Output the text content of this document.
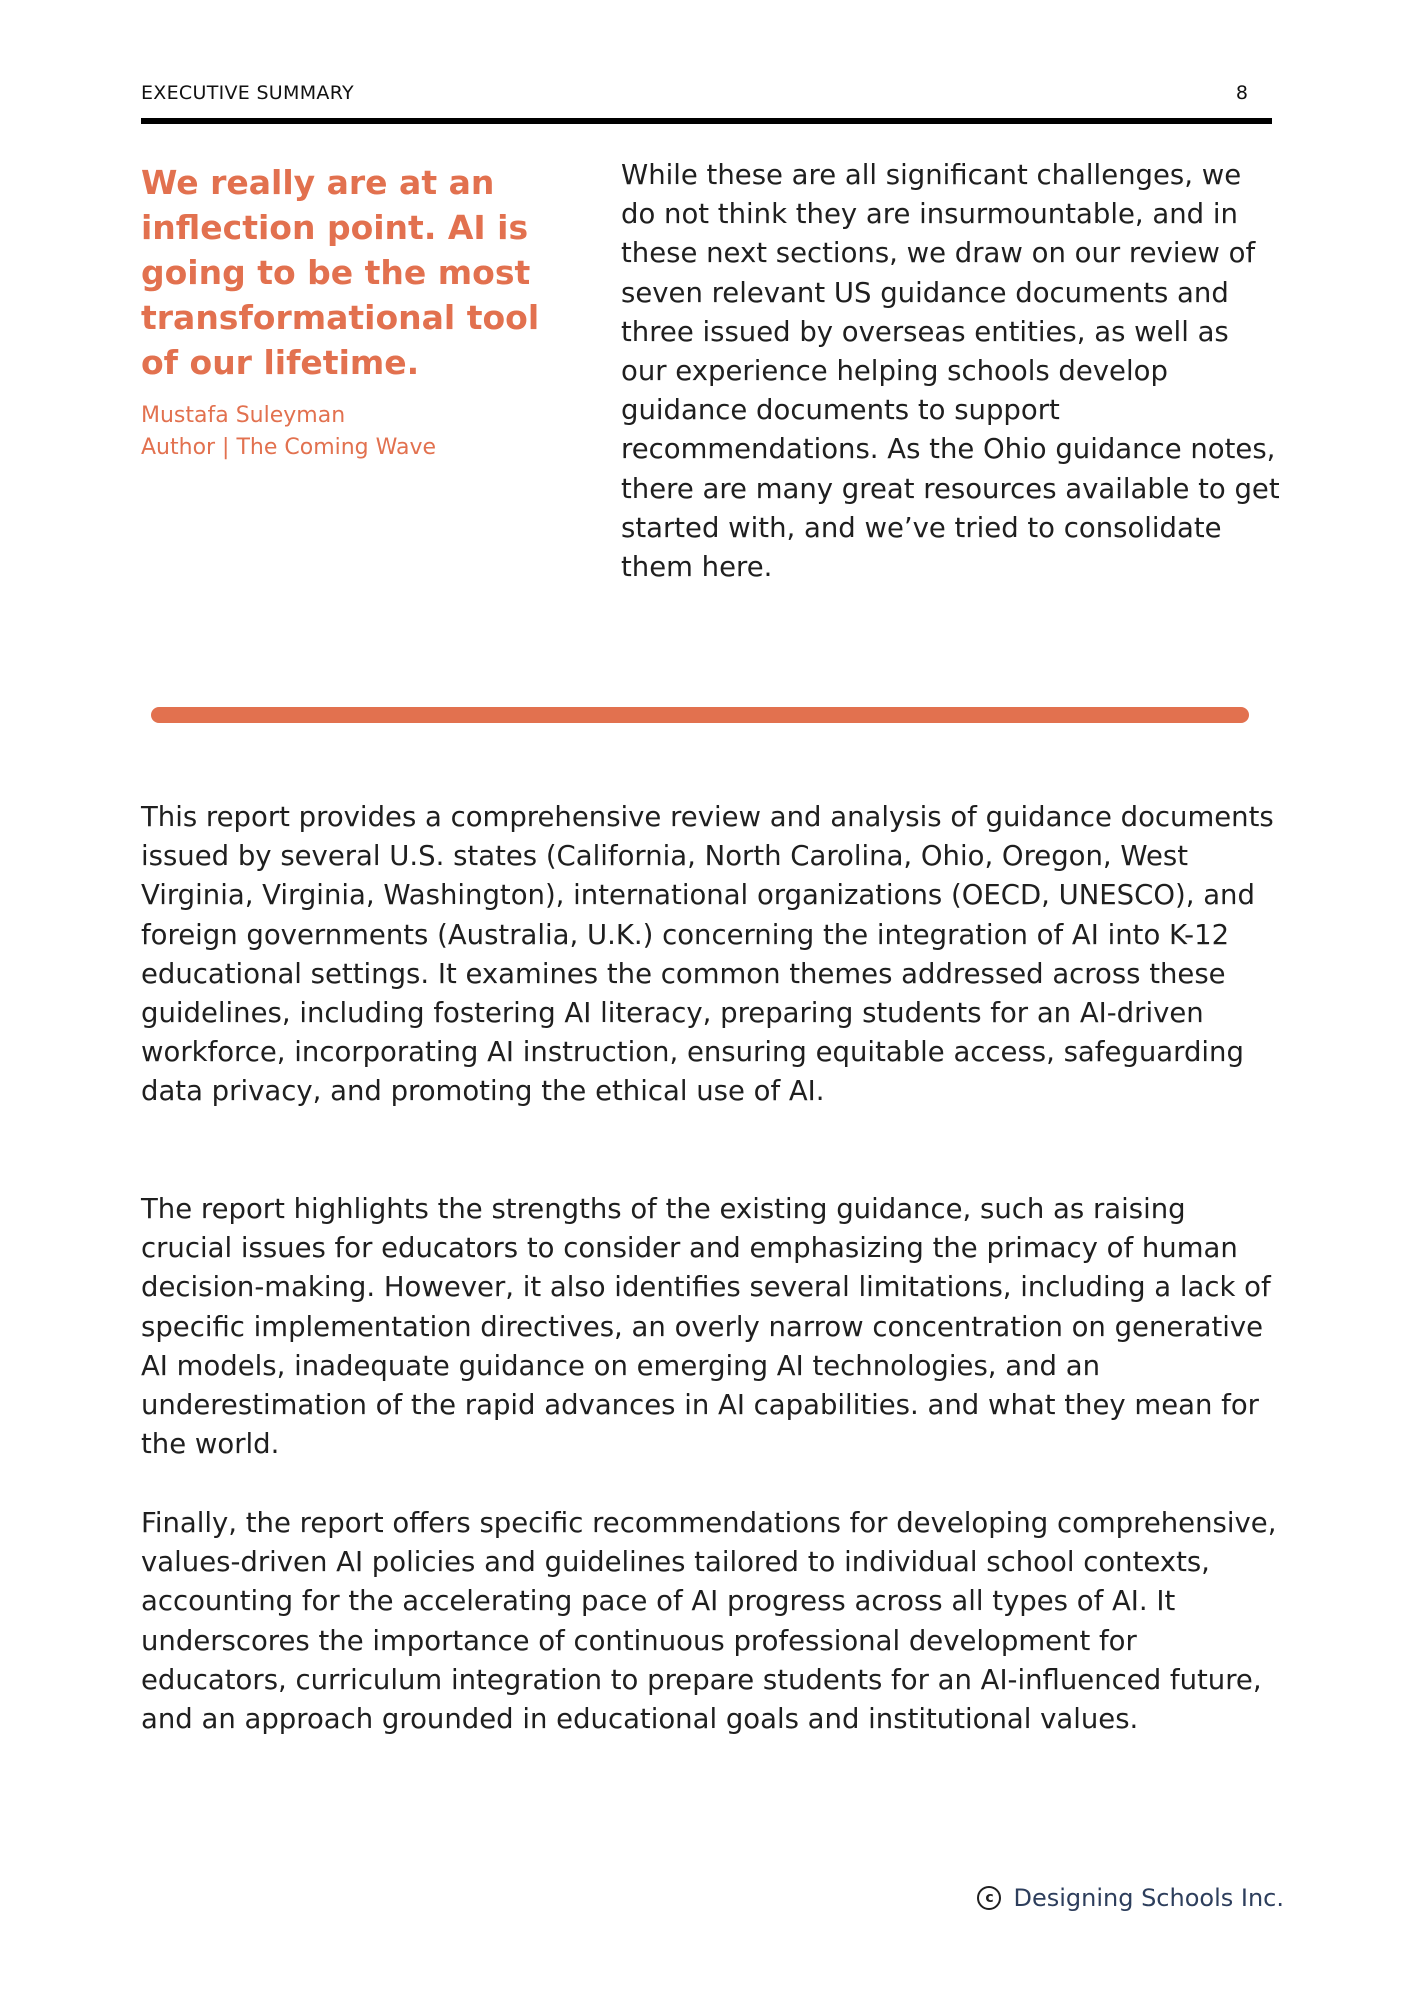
EXECUTIVE SUMMARY	8

We really are at an inflection point. AI is going to be the most transformational tool of our lifetime.

Mustafa Suleyman
Author | The Coming Wave

While these are all significant challenges, we do not think they are insurmountable, and in these next sections, we draw on our review of seven relevant US guidance documents and three issued by overseas entities, as well as our experience helping schools develop guidance documents to support recommendations. As the Ohio guidance notes, there are many great resources available to get started with, and we’ve tried to consolidate them here.

This report provides a comprehensive review and analysis of guidance documents issued by several U.S. states (California, North Carolina, Ohio, Oregon, West Virginia, Virginia, Washington), international organizations (OECD, UNESCO), and foreign governments (Australia, U.K.) concerning the integration of AI into K-12 educational settings. It examines the common themes addressed across these guidelines, including fostering AI literacy, preparing students for an AI-driven workforce, incorporating AI instruction, ensuring equitable access, safeguarding data privacy, and promoting the ethical use of AI.

The report highlights the strengths of the existing guidance, such as raising crucial issues for educators to consider and emphasizing the primacy of human decision-making. However, it also identifies several limitations, including a lack of specific implementation directives, an overly narrow concentration on generative AI models, inadequate guidance on emerging AI technologies, and an underestimation of the rapid advances in AI capabilities. and what they mean for the world.

Finally, the report offers specific recommendations for developing comprehensive, values-driven AI policies and guidelines tailored to individual school contexts, accounting for the accelerating pace of AI progress across all types of AI. It underscores the importance of continuous professional development for educators, curriculum integration to prepare students for an AI-influenced future, and an approach grounded in educational goals and institutional values.

c Designing Schools Inc.
